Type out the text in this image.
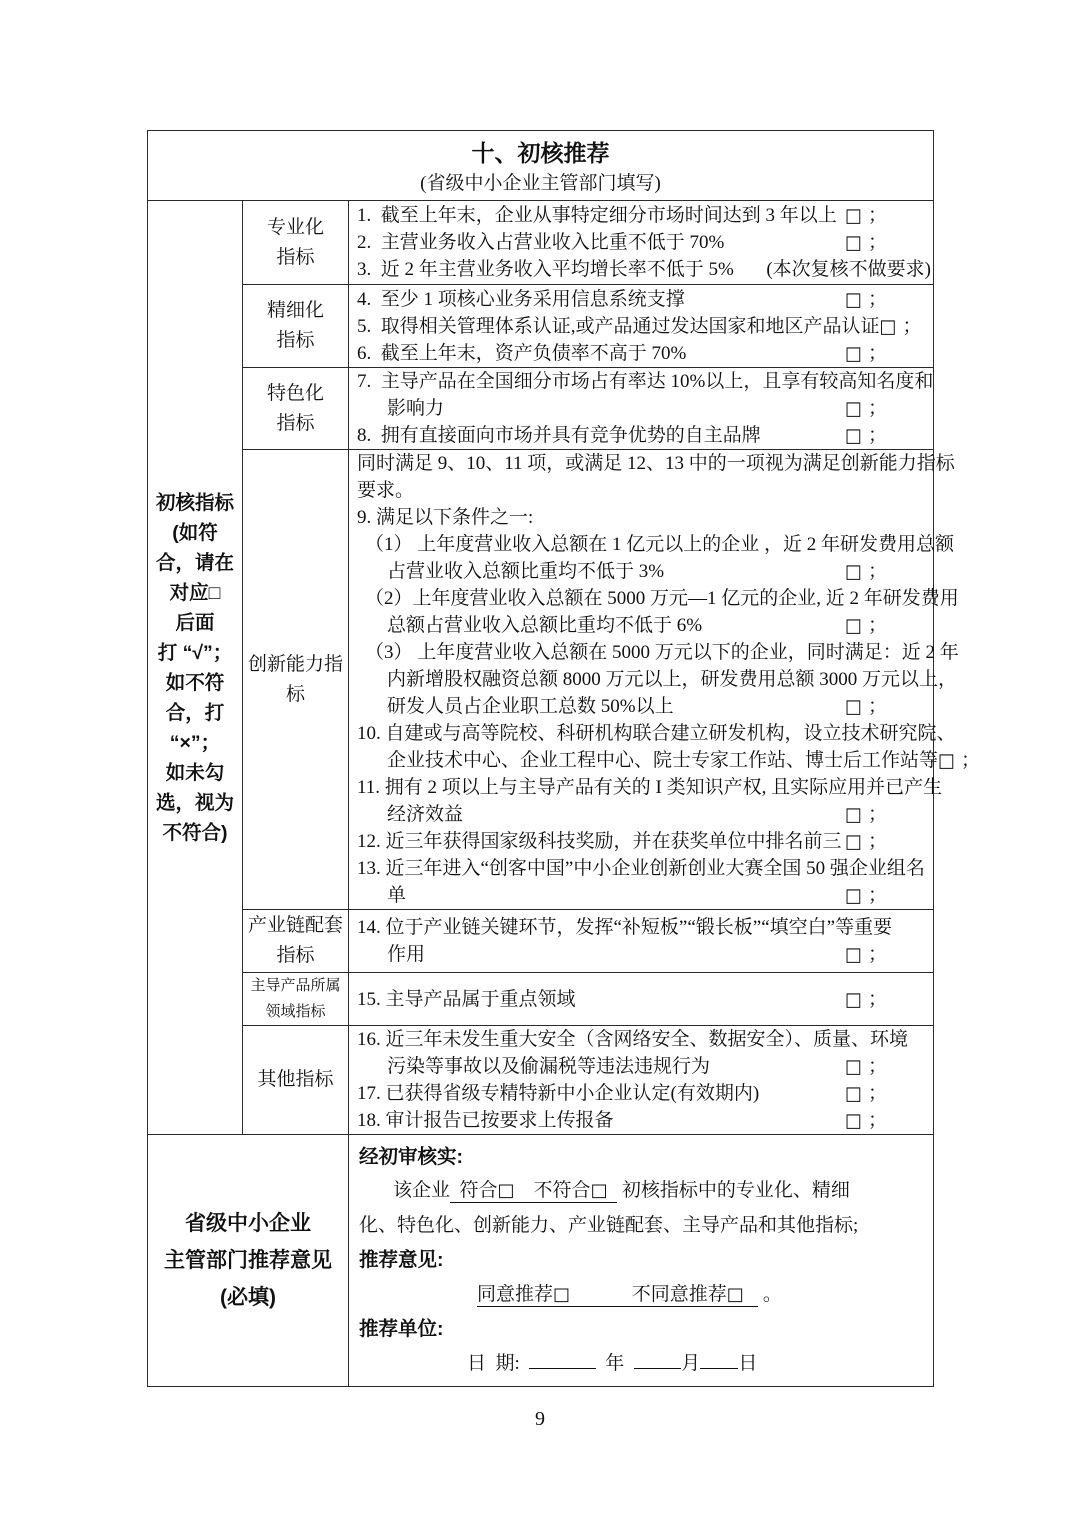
十、初核推荐
(省级中小企业主管部门填写)		

初核指标
(如符
合，请在
对应□
后面
打 “√”；
如不符
合，打
“×”；
如未勾
选，视为
不符合)

专业化
指标

1.  截至上年末，企业从事特定细分市场时间达到 3 年以上 □ ；
2.  主营业务收入占营业收入比重不低于 70%	□ ；
3.  近 2 年主营业务收入平均增长率不低于 5% (本次复核不做要求)

精细化
指标

4.  至少 1 项核心业务采用信息系统支撑	□ ；
5.  取得相关管理体系认证,或产品通过发达国家和地区产品认证 □ ；
6.  截至上年末，资产负债率不高于 70%	□ ；

特色化
指标

7.  主导产品在全国细分市场占有率达 10%以上，且享有较高知名度和
影响力	□ ；
8.  拥有直接面向市场并具有竞争优势的自主品牌	□ ；

创新能力指
标

同时满足 9、10、11 项，或满足 12、13 中的一项视为满足创新能力指标
要求。
9. 满足以下条件之一:
（1） 上年度营业收入总额在 1 亿元以上的企业 ，近 2 年研发费用总额
占营业收入总额比重均不低于 3%	□ ；
（2）上年度营业收入总额在 5000 万元—1 亿元的企业, 近 2 年研发费用
总额占营业收入总额比重均不低于 6%	□ ；
（3） 上年度营业收入总额在 5000 万元以下的企业，同时满足：近 2 年
内新增股权融资总额 8000 万元以上，研发费用总额 3000 万元以上，
研发人员占企业职工总数 50%以上	□ ；
10. 自建或与高等院校、科研机构联合建立研发机构，设立技术研究院、
企业技术中心、企业工程中心、院士专家工作站、博士后工作站等 □ ；
11. 拥有 2 项以上与主导产品有关的 I 类知识产权, 且实际应用并已产生
经济效益	□ ；
12. 近三年获得国家级科技奖励，并在获奖单位中排名前三 □ ；
13. 近三年进入“创客中国”中小企业创新创业大赛全国 50 强企业组名
单	□ ；

产业链配套
指标

14. 位于产业链关键环节，发挥“补短板”“锻长板”“填空白”等重要
作用	□ ；

主导产品所属
领域指标

15. 主导产品属于重点领域	□ ；

其他指标

16. 近三年未发生重大安全（含网络安全、数据安全）、质量、环境
污染等事故以及偷漏税等违法违规行为	□ ；
17. 已获得省级专精特新中小企业认定(有效期内)	□ ；
18. 审计报告已按要求上传报备	□ ；

省级中小企业
主管部门推荐意见
(必填)

经初审核实:
该企业  符合□    不符合□   初核指标中的专业化、精细
化、特色化、创新能力、产业链配套、主导产品和其他指标;
推荐意见:
同意推荐□             不同意推荐□    。
推荐单位:
日  期:	年	月 日
9
